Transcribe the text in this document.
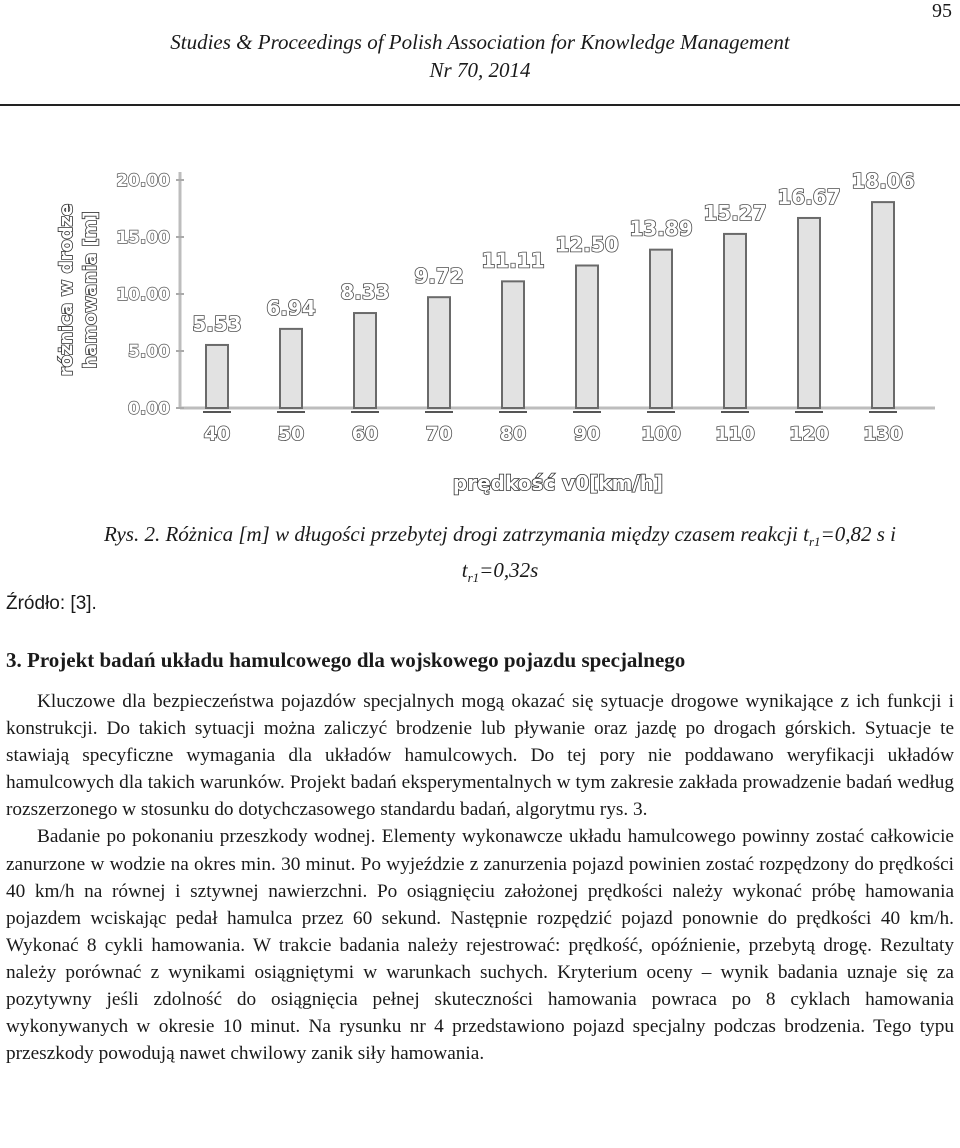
95
Studies & Proceedings of Polish Association for Knowledge Management
Nr 70, 2014
0.00
5.00
10.00
15.00
20.00
5.53
40
6.94
50
8.33
60
9.72
70
11.11
80
12.50
90
13.89
100
15.27
110
16.67
120
18.06
130
prędkość v0[km/h]
różnica w drodze hamowania [m]
Rys. 2. Różnica [m] w długości przebytej drogi zatrzymania między czasem reakcji $t_{r1}=0,82$ s i $t_{r1}=0,32s$
Źródło: [3].
3. Projekt badań układu hamulcowego dla wojskowego pojazdu specjalnego

Kluczowe dla bezpieczeństwa pojazdów specjalnych mogą okazać się sytuacje drogowe wynikające z ich funkcji i konstrukcji. Do takich sytuacji można zaliczyć brodzenie lub pływanie oraz jazdę po drogach górskich. Sytuacje te stawiają specyficzne wymagania dla układów hamulcowych. Do tej pory nie poddawano weryfikacji układów hamulcowych dla takich warunków. Projekt badań eksperymentalnych w tym zakresie zakłada prowadzenie badań według rozszerzonego w stosunku do dotychczasowego standardu badań, algorytmu rys. 3.

Badanie po pokonaniu przeszkody wodnej. Elementy wykonawcze układu hamulcowego powinny zostać całkowicie zanurzone w wodzie na okres min. 30 minut. Po wyjeździe z zanurzenia pojazd powinien zostać rozpędzony do prędkości 40 km/h na równej i sztywnej nawierzchni. Po osiągnięciu założonej prędkości należy wykonać próbę hamowania pojazdem wciskając pedał hamulca przez 60 sekund. Następnie rozpędzić pojazd ponownie do prędkości 40 km/h. Wykonać 8 cykli hamowania. W trakcie badania należy rejestrować: prędkość, opóźnienie, przebytą drogę. Rezultaty należy porównać z wynikami osiągniętymi w warunkach suchych. Kryterium oceny – wynik badania uznaje się za pozytywny jeśli zdolność do osiągnięcia pełnej skuteczności hamowania powraca po 8 cyklach hamowania wykonywanych w okresie 10 minut. Na rysunku nr 4 przedstawiono pojazd specjalny podczas brodzenia. Tego typu przeszkody powodują nawet chwilowy zanik siły hamowania.
